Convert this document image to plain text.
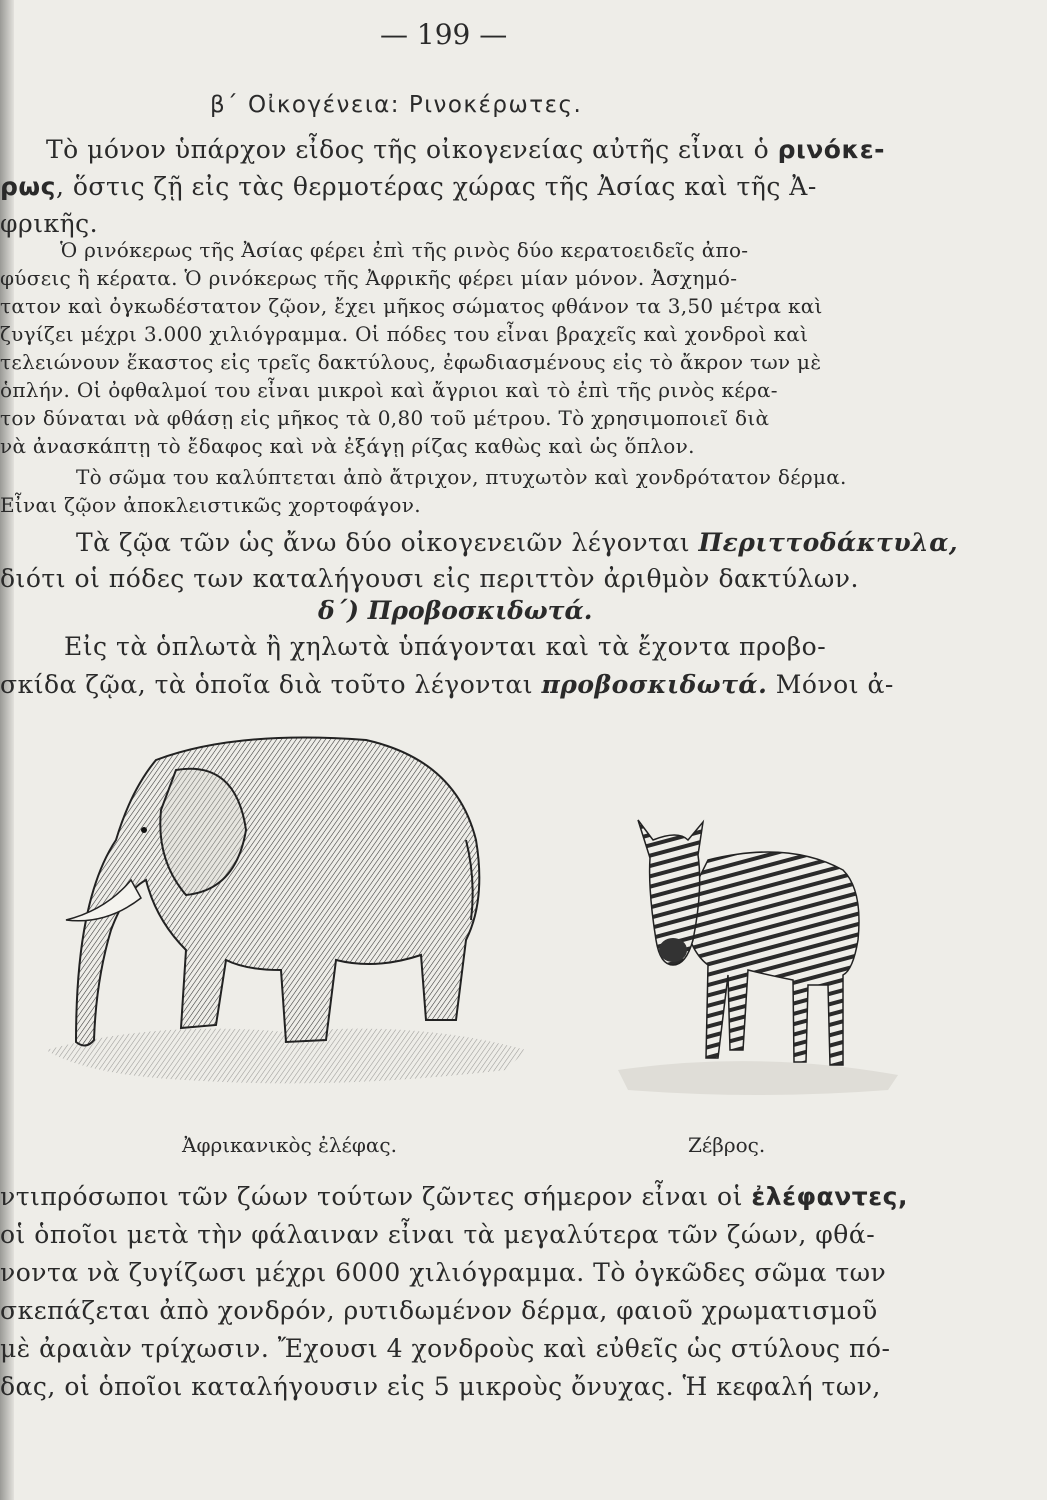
— 199 —
β΄ Οἰκογένεια: Ρινοκέρωτες.
Τὸ μόνον ὑπάρχον εἶδος τῆς οἰκογενείας αὐτῆς εἶναι ὁ ρινόκε-
ρως, ὅστις ζῇ εἰς τὰς θερμοτέρας χώρας τῆς Ἀσίας καὶ τῆς Ἀ-
φρικῆς.
Ὁ ρινόκερως τῆς Ἀσίας φέρει ἐπὶ τῆς ρινὸς δύο κερατοειδεῖς ἀπο-
φύσεις ἢ κέρατα. Ὁ ρινόκερως τῆς Ἀφρικῆς φέρει μίαν μόνον. Ἀσχημό-
τατον καὶ ὀγκωδέστατον ζῷον, ἔχει μῆκος σώματος φθάνον τα 3,50 μέτρα καὶ
ζυγίζει μέχρι 3.000 χιλιόγραμμα. Οἱ πόδες του εἶναι βραχεῖς καὶ χονδροὶ καὶ
τελειώνουν ἕκαστος εἰς τρεῖς δακτύλους, ἐφωδιασμένους εἰς τὸ ἄκρον των μὲ
ὁπλήν. Οἱ ὀφθαλμοί του εἶναι μικροὶ καὶ ἄγριοι καὶ τὸ ἐπὶ τῆς ρινὸς κέρα-
τον δύναται νὰ φθάσῃ εἰς μῆκος τὰ 0,80 τοῦ μέτρου. Τὸ χρησιμοποιεῖ διὰ
νὰ ἀνασκάπτῃ τὸ ἔδαφος καὶ νὰ ἐξάγῃ ρίζας καθὼς καὶ ὡς ὅπλον.
Τὸ σῶμα του καλύπτεται ἀπὸ ἄτριχον, πτυχωτὸν καὶ χονδρότατον δέρμα.
Εἶναι ζῷον ἀποκλειστικῶς χορτοφάγον.
Τὰ ζῷα τῶν ὡς ἄνω δύο οἰκογενειῶν λέγονται Περιττοδάκτυλα,
διότι οἱ πόδες των καταλήγουσι εἰς περιττὸν ἀριθμὸν δακτύλων.
δ΄) Προβοσκιδωτά.
Εἰς τὰ ὁπλωτὰ ἢ χηλωτὰ ὑπάγονται καὶ τὰ ἔχοντα προβο-
σκίδα ζῷα, τὰ ὁποῖα διὰ τοῦτο λέγονται προβοσκιδωτά. Μόνοι ἀ-
Ἀφρικανικὸς ἐλέφας.	Ζέβρος.
ντιπρόσωποι τῶν ζώων τούτων ζῶντες σήμερον εἶναι οἱ ἐλέφαντες,
οἱ ὁποῖοι μετὰ τὴν φάλαιναν εἶναι τὰ μεγαλύτερα τῶν ζώων, φθά-
νοντα νὰ ζυγίζωσι μέχρι 6000 χιλιόγραμμα. Τὸ ὀγκῶδες σῶμα των
σκεπάζεται ἀπὸ χονδρόν, ρυτιδωμένον δέρμα, φαιοῦ χρωματισμοῦ
μὲ ἀραιὰν τρίχωσιν. Ἔχουσι 4 χονδροὺς καὶ εὐθεῖς ὡς στύλους πό-
δας, οἱ ὁποῖοι καταλήγουσιν εἰς 5 μικροὺς ὄνυχας. Ἡ κεφαλή των,
